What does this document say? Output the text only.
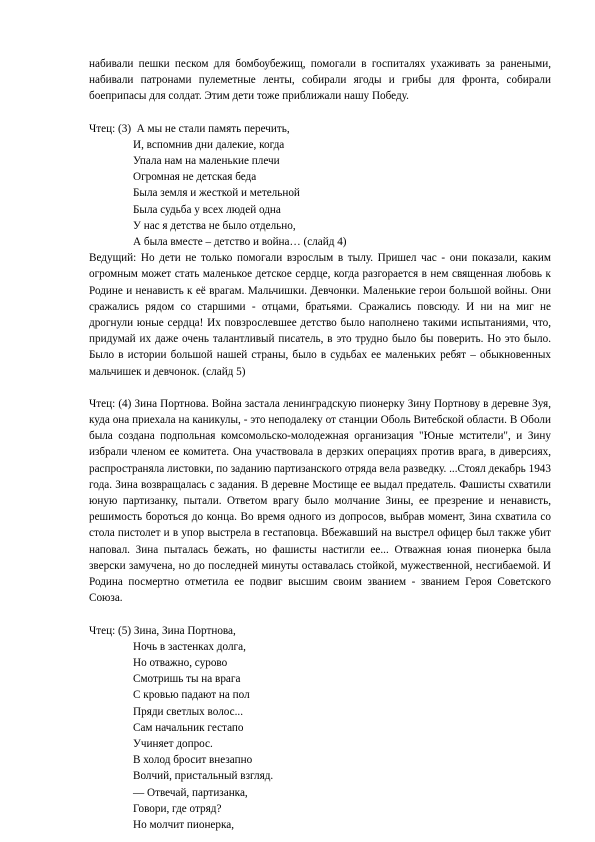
набивали пешки песком для бомбоубежищ, помогали в госпиталях ухаживать за ранеными, набивали патронами пулеметные ленты, собирали ягоды и грибы для фронта, собирали боеприпасы для солдат. Этим дети тоже приближали нашу Победу.

Чтец: (3) А мы не стали память перечить,
И, вспомнив дни далекие, когда
Упала нам на маленькие плечи
Огромная не детская беда
Была земля и жесткой и метельной
Была судьба у всех людей одна
У нас я детства не было отдельно,
А была вместе – детство и война… (слайд 4)

Ведущий: Но дети не только помогали взрослым в тылу. Пришел час - они показали, каким огромным может стать маленькое детское сердце, когда разгорается в нем священная любовь к Родине и ненависть к её врагам. Мальчишки. Девчонки. Маленькие герои большой войны. Они сражались рядом со старшими - отцами, братьями. Сражались повсюду. И ни на миг не дрогнули юные сердца! Их повзрослевшее детство было наполнено такими испытаниями, что, придумай их даже очень талантливый писатель, в это трудно было бы поверить. Но это было. Было в истории большой нашей страны, было в судьбах ее маленьких ребят – обыкновенных мальчишек и девчонок. (слайд 5)

Чтец: (4) Зина Портнова. Война застала ленинградскую пионерку Зину Портнову в деревне Зуя, куда она приехала на каникулы, - это неподалеку от станции Оболь Витебской области. В Оболи была создана подпольная комсомольско-молодежная организация "Юные мстители", и Зину избрали членом ее комитета. Она участвовала в дерзких операциях против врага, в диверсиях, распространяла листовки, по заданию партизанского отряда вела разведку. ...Стоял декабрь 1943 года. Зина возвращалась с задания. В деревне Мостище ее выдал предатель. Фашисты схватили юную партизанку, пытали. Ответом врагу было молчание Зины, ее презрение и ненависть, решимость бороться до конца. Во время одного из допросов, выбрав момент, Зина схватила со стола пистолет и в упор выстрела в гестаповца. Вбежавший на выстрел офицер был также убит наповал. Зина пыталась бежать, но фашисты настигли ее... Отважная юная пионерка была зверски замучена, но до последней минуты оставалась стойкой, мужественной, несгибаемой. И Родина посмертно отметила ее подвиг высшим своим званием - званием Героя Советского Союза.

Чтец: (5) Зина, Зина Портнова,
Ночь в застенках долга,
Но отважно, сурово
Смотришь ты на врага
С кровью падают на пол
Пряди светлых волос...
Сам начальник гестапо
Учиняет допрос.
В холод бросит внезапно
Волчий, пристальный взгляд.
— Отвечай, партизанка,
Говори, где отряд?
Но молчит пионерка,
